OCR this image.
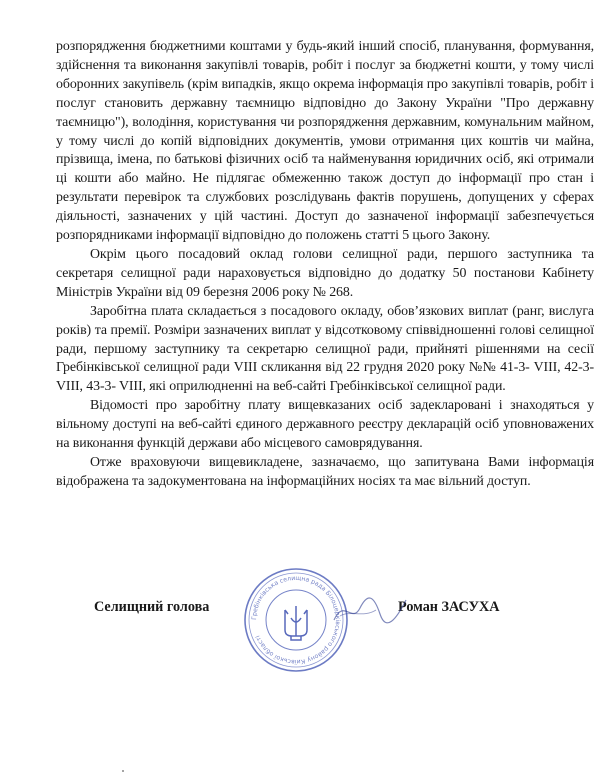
розпорядження бюджетними коштами у будь-який інший спосіб, планування, формування, здійснення та виконання закупівлі товарів, робіт і послуг за бюджетні кошти, у тому числі оборонних закупівель (крім випадків, якщо окрема інформація про закупівлі товарів, робіт і послуг становить державну таємницю відповідно до Закону України "Про державну таємницю"), володіння, користування чи розпорядження державним, комунальним майном, у тому числі до копій відповідних документів, умови отримання цих коштів чи майна, прізвища, імена, по батькові фізичних осіб та найменування юридичних осіб, які отримали ці кошти або майно. Не підлягає обмеженню також доступ до інформації про стан і результати перевірок та службових розслідувань фактів порушень, допущених у сферах діяльності, зазначених у цій частині. Доступ до зазначеної інформації забезпечується розпорядниками інформації відповідно до положень статті 5 цього Закону.

Окрім цього посадовий оклад голови селищної ради, першого заступника та секретаря селищної ради нараховується відповідно до додатку 50 постанови Кабінету Міністрів України від 09 березня 2006 року № 268.

Заробітна плата складається з посадового окладу, обов’язкових виплат (ранг, вислуга років) та премії. Розміри зазначених виплат у відсотковому співвідношенні голові селищної ради, першому заступнику та секретарю селищної ради, прийняті рішеннями на сесії Гребінківської селищної ради VIII скликання від 22 грудня 2020 року №№ 41-3- VIII, 42-3- VIII, 43-3- VIII, які оприлюдненні на веб-сайті Гребінківської селищної ради.

Відомості про заробітну плату вищевказаних осіб задекларовані і знаходяться у вільному доступі на веб-сайті єдиного державного реєстру декларацій осіб уповноважених на виконання функцій держави або місцевого самоврядування.

Отже враховуючи вищевикладене, зазначаємо, що запитувана Вами інформація відображена та задокументована на інформаційних носіях та має вільний доступ.

Селищний голова	Роман ЗАСУХА
Гребінківська селищна рада Білоцерківського району Київської області
